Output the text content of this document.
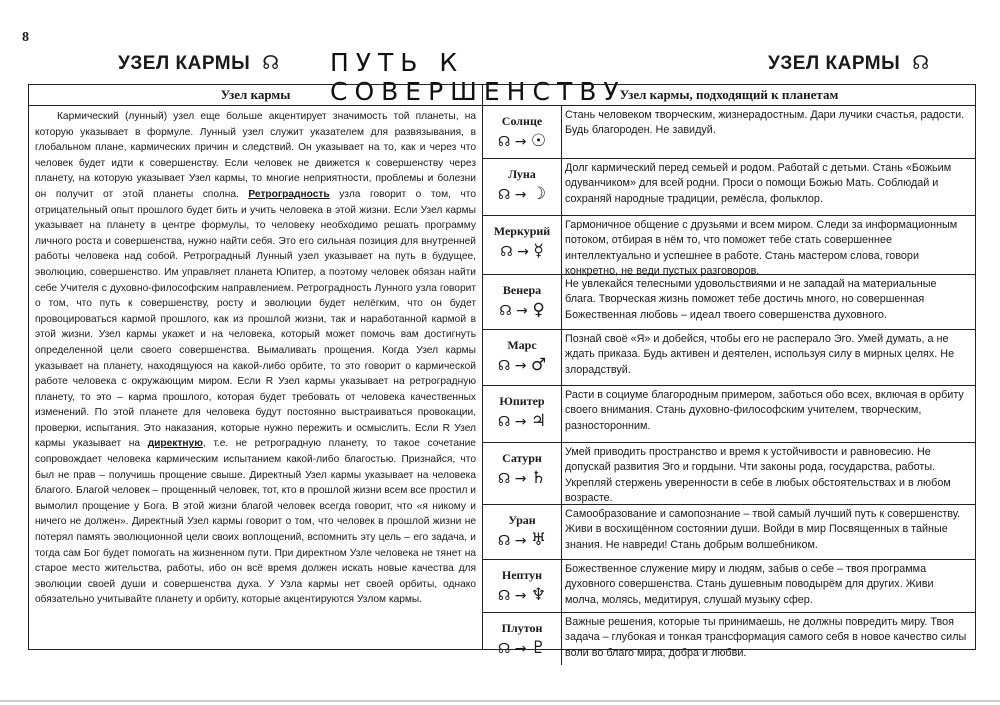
8
УЗЕЛ КАРМЫ ☊ ПУТЬ К СОВЕРШЕНСТВУ
УЗЕЛ КАРМЫ ☊
Узел кармы
Кармический (лунный) узел еще больше акцентирует значимость той планеты, на которую указывает в формуле. Лунный узел служит указателем для развязывания, в глобальном плане, кармических причин и следствий. Он указывает на то, как и через что человек будет идти к совершенству. Если человек не движется к совершенству через планету, на которую указывает Узел кармы, то многие неприятности, проблемы и болезни он получит от этой планеты сполна. Ретроградность узла говорит о том, что отрицательный опыт прошлого будет бить и учить человека в этой жизни. Если Узел кармы указывает на планету в центре формулы, то человеку необходимо решать программу личного роста и совершенства, нужно найти себя. Это его сильная позиция для внутренней работы человека над собой. Ретроградный Лунный узел указывает на путь в будущее, эволюцию, совершенство. Им управляет планета Юпитер, а поэтому человек обязан найти себе Учителя с духовно-философским направлением. Ретроградность Лунного узла говорит о том, что путь к совершенству, росту и эволюции будет нелёгким, что он будет провоцироваться кармой прошлого, как из прошлой жизни, так и наработанной кармой в этой жизни. Узел кармы укажет и на человека, который может помочь вам достигнуть определенной цели своего совершенства. Вымаливать прощения. Когда Узел кармы указывает на планету, находящуюся на какой-либо орбите, то это говорит о кармической работе человека с окружающим миром. Если R Узел кармы указывает на ретроградную планету, то это – карма прошлого, которая будет требовать от человека качественных изменений. По этой планете для человека будут постоянно выстраиваться провокации, проверки, испытания. Это наказания, которые нужно пережить и осмыслить. Если R Узел кармы указывает на директную, т.е. не ретроградную планету, то такое сочетание сопровождает человека кармическим испытанием какой-либо благостью. Признайся, что был не прав – получишь прощение свыше. Директный Узел кармы указывает на человека благого. Благой человек – прощенный человек, тот, кто в прошлой жизни всем все простил и вымолил прощение у Бога. В этой жизни благой человек всегда говорит, что «я никому и ничего не должен». Директный Узел кармы говорит о том, что человек в прошлой жизни не потерял память эволюционной цели своих воплощений, вспомнить эту цель – его задача, и тогда сам Бог будет помогать на жизненном пути. При директном Узле человека не тянет на старое место жительства, работы, ибо он всё время должен искать новые качества для эволюции своей души и совершенства духа. У Узла кармы нет своей орбиты, однако обязательно учитывайте планету и орбиту, которые акцентируются Узлом кармы.
Узел кармы, подходящий к планетам
Солнце
☊ → ☉
Стань человеком творческим, жизнерадостным. Дари лучики счастья, радости. Будь благороден. Не завидуй.
Луна
☊ → ☽
Долг кармический перед семьей и родом. Работай с детьми. Стань «Божьим одуванчиком» для всей родни. Проси о помощи Божью Мать. Соблюдай и сохраняй народные традиции, ремёсла, фольклор.
Меркурий
☊ → ☿
Гармоничное общение с друзьями и всем миром. Следи за информационным потоком, отбирая в нём то, что поможет тебе стать совершеннее интеллектуально и успешнее в работе. Стань мастером слова, говори конкретно, не веди пустых разговоров.
Венера
☊ → ♀
Не увлекайся телесными удовольствиями и не западай на материальные блага. Творческая жизнь поможет тебе достичь много, но совершенная Божественная любовь – идеал твоего совершенства духовного.
Марс
☊ → ♂
Познай своё «Я» и добейся, чтобы его не расперало Эго. Умей думать, а не ждать приказа. Будь активен и деятелен, используя силу в мирных целях. Не злорадствуй.
Юпитер
☊ → ♃
Расти в социуме благородным примером, заботься обо всех, включая в орбиту своего внимания. Стань духовно-философским учителем, творческим, разносторонним.
Сатурн
☊ → ♄
Умей приводить пространство и время к устойчивости и равновесию. Не допускай развития Эго и гордыни. Чти законы рода, государства, работы. Укрепляй стержень уверенности в себе в любых обстоятельствах и в любом возрасте.
Уран
☊ → ♅
Самообразование и самопознание – твой самый лучший путь к совершенству. Живи в восхищённом состоянии души. Войди в мир Посвященных в тайные знания. Не навреди! Стань добрым волшебником.
Нептун
☊ → ♆
Божественное служение миру и людям, забыв о себе – твоя программа духовного совершенства. Стань душевным поводырём для других. Живи молча, молясь, медитируя, слушай музыку сфер.
Плутон
☊ → ♇
Важные решения, которые ты принимаешь, не должны повредить миру. Твоя задача – глубокая и тонкая трансформация самого себя в новое качество силы воли во благо мира, добра и любви.
